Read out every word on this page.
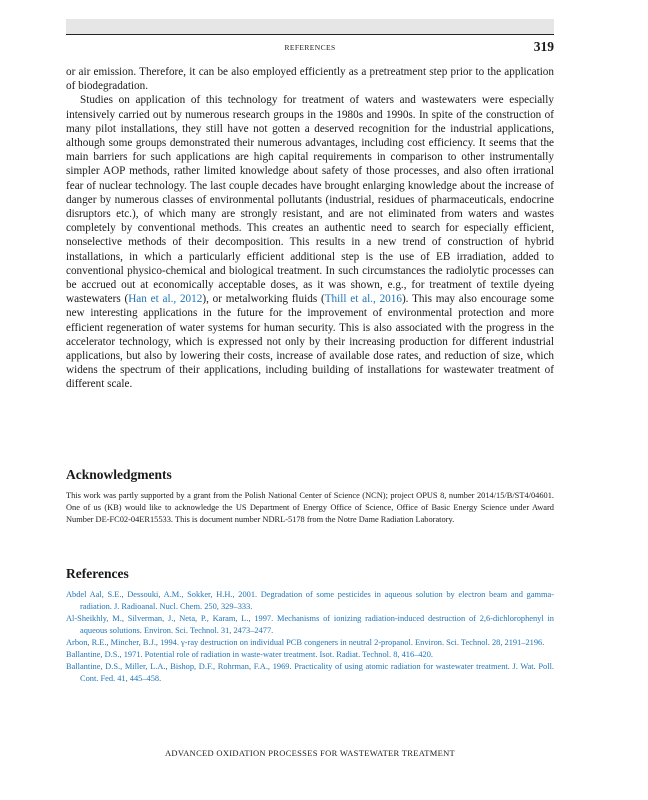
REFERENCES	319

or air emission. Therefore, it can be also employed efficiently as a pretreatment step prior to the application of biodegradation.

Studies on application of this technology for treatment of waters and wastewaters were especially intensively carried out by numerous research groups in the 1980s and 1990s. In spite of the construction of many pilot installations, they still have not gotten a deserved recognition for the industrial applications, although some groups demonstrated their numerous advantages, including cost efficiency. It seems that the main barriers for such applications are high capital requirements in comparison to other instrumentally simpler AOP methods, rather limited knowledge about safety of those processes, and also often irrational fear of nuclear technology. The last couple decades have brought enlarging knowledge about the increase of danger by numerous classes of environmental pollutants (industrial, residues of pharmaceuticals, endocrine disruptors etc.), of which many are strongly resistant, and are not eliminated from waters and wastes completely by conventional methods. This creates an authentic need to search for especially efficient, nonselective methods of their decomposition. This results in a new trend of construction of hybrid installations, in which a particularly efficient additional step is the use of EB irradiation, added to conventional physico-chemical and biological treatment. In such circumstances the radiolytic processes can be accrued out at economically acceptable doses, as it was shown, e.g., for treatment of textile dyeing wastewaters (Han et al., 2012), or metalworking fluids (Thill et al., 2016). This may also encourage some new interesting applications in the future for the improvement of environmental protection and more efficient regeneration of water systems for human security. This is also associated with the progress in the accelerator technology, which is expressed not only by their increasing production for different industrial applications, but also by lowering their costs, increase of available dose rates, and reduction of size, which widens the spectrum of their applications, including building of installations for wastewater treatment of different scale.

Acknowledgments
This work was partly supported by a grant from the Polish National Center of Science (NCN); project OPUS 8, number 2014/15/B/ST4/04601. One of us (KB) would like to acknowledge the US Department of Energy Office of Science, Office of Basic Energy Science under Award Number DE-FC02-04ER15533. This is document number NDRL-5178 from the Notre Dame Radiation Laboratory.
References
Abdel Aal, S.E., Dessouki, A.M., Sokker, H.H., 2001. Degradation of some pesticides in aqueous solution by electron beam and gamma-radiation. J. Radioanal. Nucl. Chem. 250, 329–333.
Al-Sheikhly, M., Silverman, J., Neta, P., Karam, L., 1997. Mechanisms of ionizing radiation-induced destruction of 2,6-dichlorophenyl in aqueous solutions. Environ. Sci. Technol. 31, 2473–2477.
Arbon, R.E., Mincher, B.J., 1994. γ-ray destruction on individual PCB congeners in neutral 2-propanol. Environ. Sci. Technol. 28, 2191–2196.
Ballantine, D.S., 1971. Potential role of radiation in waste-water treatment. Isot. Radiat. Technol. 8, 416–420.
Ballantine, D.S., Miller, L.A., Bishop, D.F., Rohrman, F.A., 1969. Practicality of using atomic radiation for wastewater treatment. J. Wat. Poll. Cont. Fed. 41, 445–458.
ADVANCED OXIDATION PROCESSES FOR WASTEWATER TREATMENT
